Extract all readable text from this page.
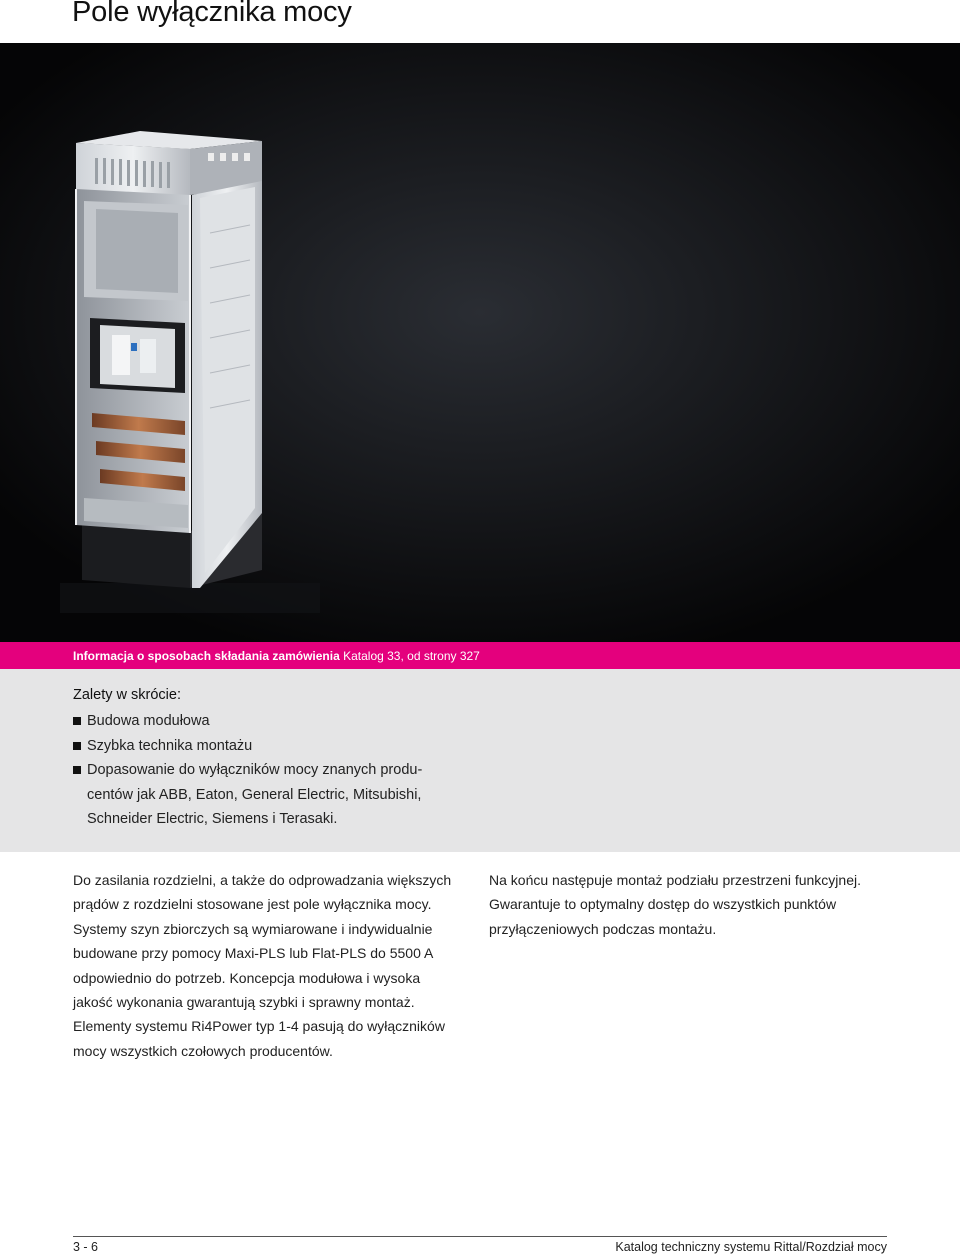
Pole wyłącznika mocy
Informacja o sposobach składania zamówienia Katalog 33, od strony 327
Zalety w skrócie:
Budowa modułowa
Szybka technika montażu
Dopasowanie do wyłączników mocy znanych produ-
centów jak ABB, Eaton, General Electric, Mitsubishi,
Schneider Electric, Siemens i Terasaki.

Do zasilania rozdzielni, a także do odprowadzania większych

prądów z rozdzielni stosowane jest pole wyłącznika mocy.

Systemy szyn zbiorczych są wymiarowane i indywidualnie

budowane przy pomocy Maxi-PLS lub Flat-PLS do 5500 A

odpowiednio do potrzeb. Koncepcja modułowa i wysoka

jakość wykonania gwarantują szybki i sprawny montaż.

Elementy systemu Ri4Power typ 1-4 pasują do wyłączników

mocy wszystkich czołowych producentów.

Na końcu następuje montaż podziału przestrzeni funkcyjnej.

Gwarantuje to optymalny dostęp do wszystkich punktów

przyłączeniowych podczas montażu.

3 - 6	Katalog techniczny systemu Rittal/Rozdział mocy
